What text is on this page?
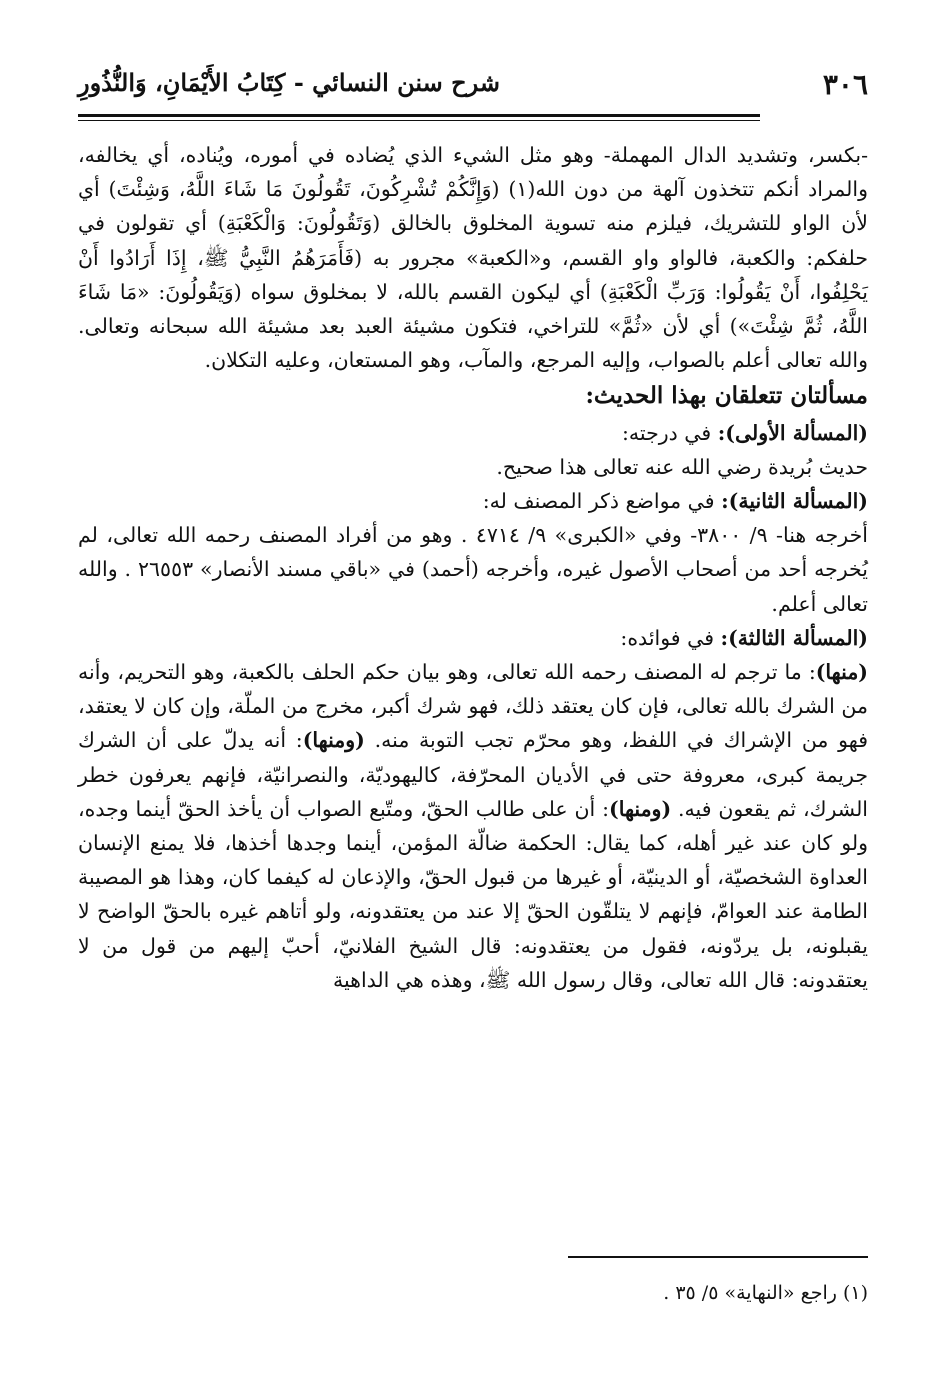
٣٠٦
شرح سنن النسائي - كِتَابُ الأَيْمَانِ، وَالنُّذُورِ

-بكسر، وتشديد الدال المهملة- وهو مثل الشيء الذي يُضاده في أموره، ويُناده، أي يخالفه، والمراد أنكم تتخذون آلهة من دون الله(١) (وَإِنَّكُمْ تُشْرِكُونَ، تَقُولُونَ مَا شَاءَ اللَّهُ، وَشِئْتَ) أي لأن الواو للتشريك، فيلزم منه تسوية المخلوق بالخالق (وَتَقُولُونَ: وَالْكَعْبَةِ) أي تقولون في حلفكم: والكعبة، فالواو واو القسم، و«الكعبة» مجرور به (فَأَمَرَهُمُ النَّبِيُّ ﷺ، إِذَا أَرَادُوا أَنْ يَحْلِفُوا، أَنْ يَقُولُوا: وَرَبِّ الْكَعْبَةِ) أي ليكون القسم بالله، لا بمخلوق سواه (وَيَقُولُونَ: «مَا شَاءَ اللَّهُ، ثُمَّ شِئْتَ») أي لأن «ثُمَّ» للتراخي، فتكون مشيئة العبد بعد مشيئة الله سبحانه وتعالى. والله تعالى أعلم بالصواب، وإليه المرجع، والمآب، وهو المستعان، وعليه التكلان.

مسألتان تتعلقان بهذا الحديث:

(المسألة الأولى): في درجته:

حديث بُريدة رضي الله عنه تعالى هذا صحيح.

(المسألة الثانية): في مواضع ذكر المصنف له:

أخرجه هنا- ٩/ ٣٨٠٠- وفي «الكبرى» ٩/ ٤٧١٤ . وهو من أفراد المصنف رحمه الله تعالى، لم يُخرجه أحد من أصحاب الأصول غيره، وأخرجه (أحمد) في «باقي مسند الأنصار» ٢٦٥٥٣ . والله تعالى أعلم.

(المسألة الثالثة): في فوائده:

(منها): ما ترجم له المصنف رحمه الله تعالى، وهو بيان حكم الحلف بالكعبة، وهو التحريم، وأنه من الشرك بالله تعالى، فإن كان يعتقد ذلك، فهو شرك أكبر، مخرج من الملّة، وإن كان لا يعتقد، فهو من الإشراك في اللفظ، وهو محرّم تجب التوبة منه. (ومنها): أنه يدلّ على أن الشرك جريمة كبرى، معروفة حتى في الأديان المحرّفة، كاليهوديّة، والنصرانيّة، فإنهم يعرفون خطر الشرك، ثم يقعون فيه. (ومنها): أن على طالب الحقّ، ومتّبع الصواب أن يأخذ الحقّ أينما وجده، ولو كان عند غير أهله، كما يقال: الحكمة ضالّة المؤمن، أينما وجدها أخذها، فلا يمنع الإنسان العداوة الشخصيّة، أو الدينيّة، أو غيرها من قبول الحقّ، والإذعان له كيفما كان، وهذا هو المصيبة الطامة عند العوامّ، فإنهم لا يتلقّون الحقّ إلا عند من يعتقدونه، ولو أتاهم غيره بالحقّ الواضح لا يقبلونه، بل يردّونه، فقول من يعتقدونه: قال الشيخ الفلانيّ، أحبّ إليهم من قول من لا يعتقدونه: قال الله تعالى، وقال رسول الله ﷺ، وهذه هي الداهية

(١) راجع «النهاية» ٥/ ٣٥ .
